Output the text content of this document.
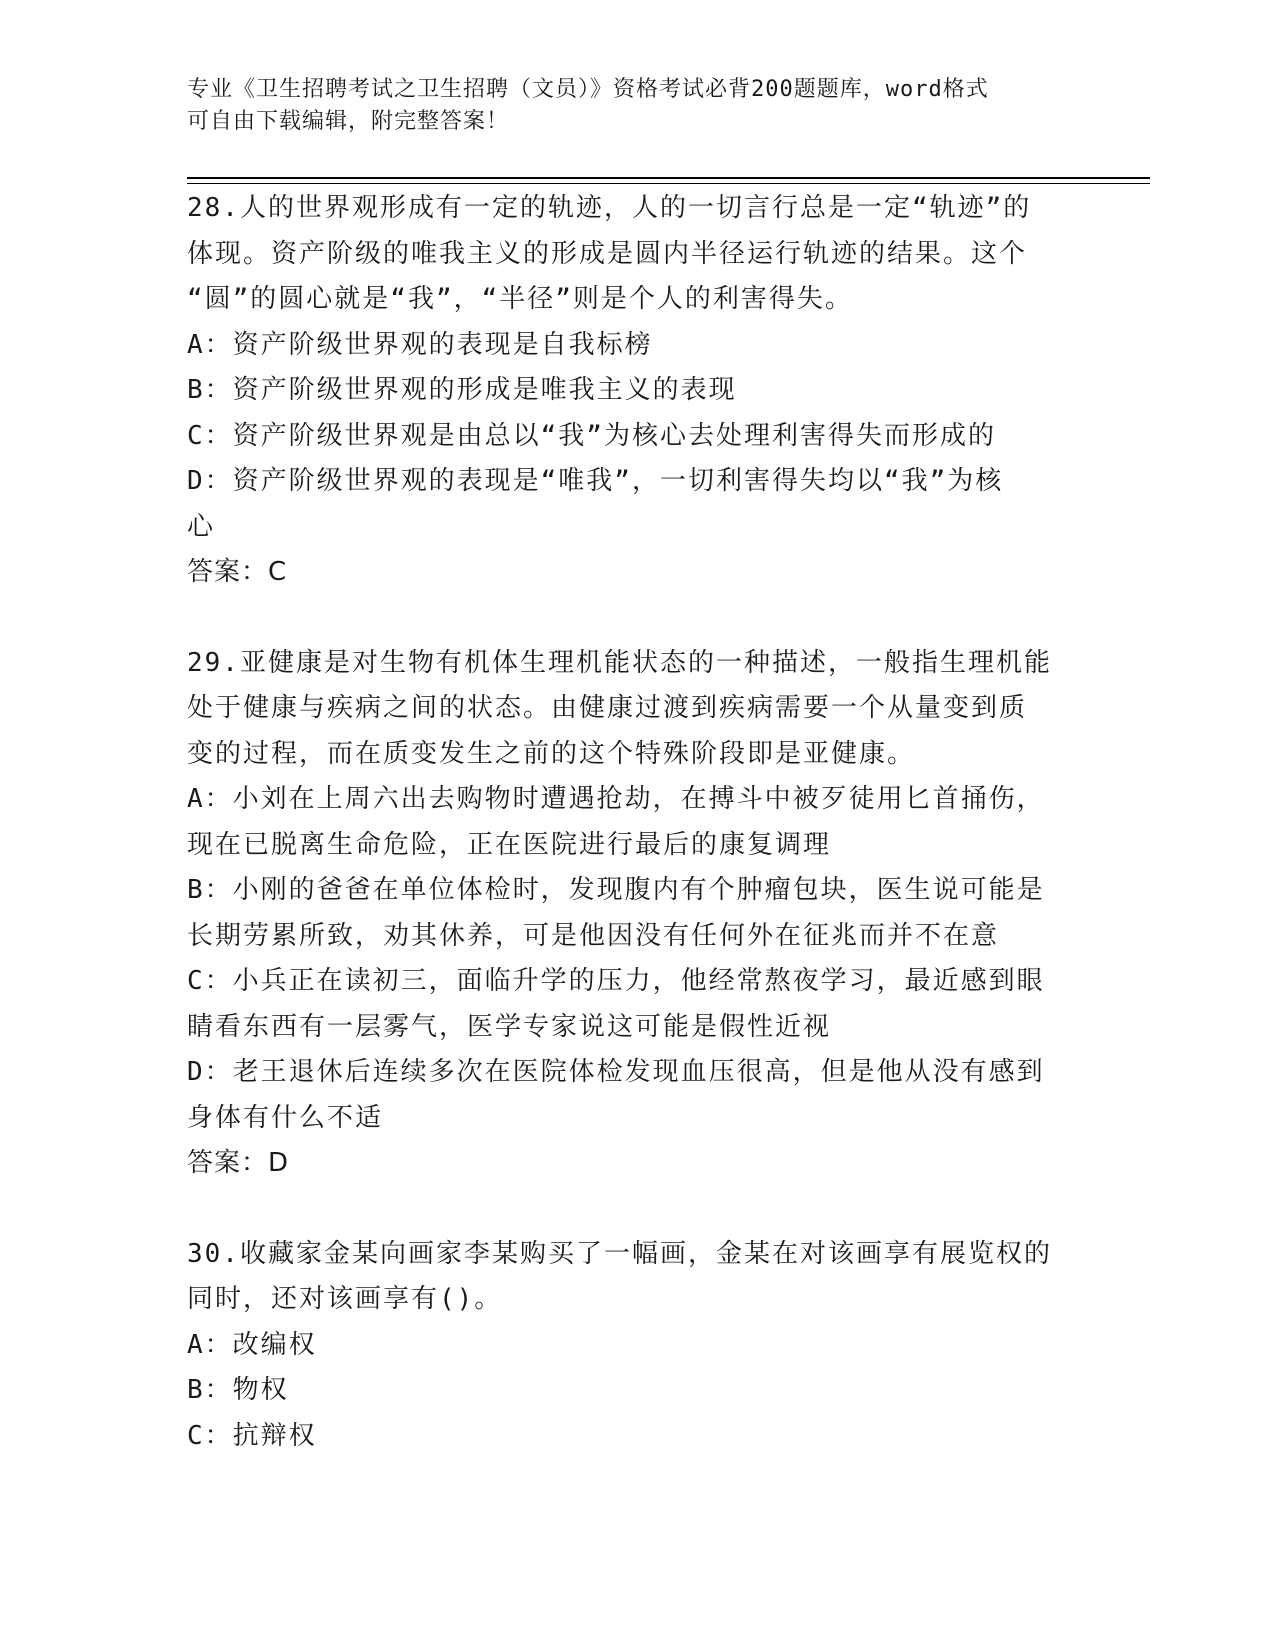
专业《卫生招聘考试之卫生招聘（文员）》资格考试必背200题题库，word格式
可自由下载编辑，附完整答案！
28.人的世界观形成有一定的轨迹，人的一切言行总是一定“轨迹”的
体现。资产阶级的唯我主义的形成是圆内半径运行轨迹的结果。这个
“圆”的圆心就是“我”，“半径”则是个人的利害得失。
A：资产阶级世界观的表现是自我标榜
B：资产阶级世界观的形成是唯我主义的表现
C：资产阶级世界观是由总以“我”为核心去处理利害得失而形成的
D：资产阶级世界观的表现是“唯我”，一切利害得失均以“我”为核
心
答案：C
29.亚健康是对生物有机体生理机能状态的一种描述，一般指生理机能
处于健康与疾病之间的状态。由健康过渡到疾病需要一个从量变到质
变的过程，而在质变发生之前的这个特殊阶段即是亚健康。
A：小刘在上周六出去购物时遭遇抢劫，在搏斗中被歹徒用匕首捅伤，
现在已脱离生命危险，正在医院进行最后的康复调理
B：小刚的爸爸在单位体检时，发现腹内有个肿瘤包块，医生说可能是
长期劳累所致，劝其休养，可是他因没有任何外在征兆而并不在意
C：小兵正在读初三，面临升学的压力，他经常熬夜学习，最近感到眼
睛看东西有一层雾气，医学专家说这可能是假性近视
D：老王退休后连续多次在医院体检发现血压很高，但是他从没有感到
身体有什么不适
答案：D
30.收藏家金某向画家李某购买了一幅画，金某在对该画享有展览权的
同时，还对该画享有()。
A：改编权
B：物权
C：抗辩权
